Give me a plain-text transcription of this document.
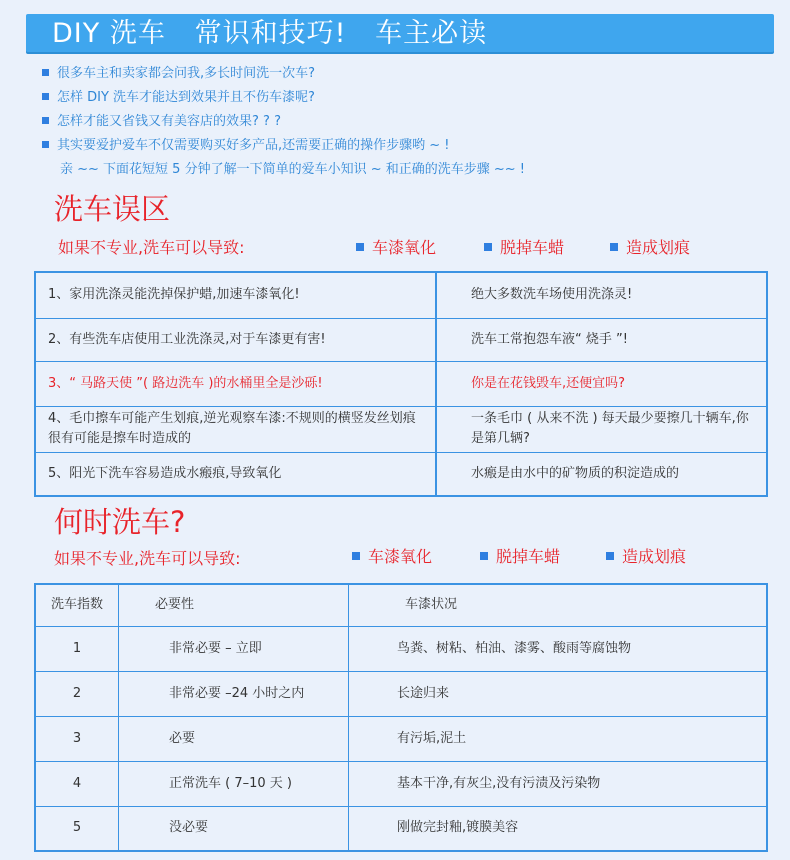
DIY 洗车   常识和技巧!   车主必读
很多车主和卖家都会问我,多长时间洗一次车?
怎样 DIY 洗车才能达到效果并且不伤车漆呢?
怎样才能又省钱又有美容店的效果? ? ?
其实要爱护爱车不仅需要购买好多产品,还需要正确的操作步骤哟 ~ !
亲 ~~ 下面花短短 5 分钟了解一下简单的爱车小知识 ~ 和正确的洗车步骤 ~~ !
洗车误区

如果不专业,洗车可以导致:

	车漆氧化

	脱掉车蜡

	造成划痕

1、家用洗涤灵能洗掉保护蜡,加速车漆氧化!	绝大多数洗车场使用洗涤灵!
2、有些洗车店使用工业洗涤灵,对于车漆更有害!	洗车工常抱怨车液“ 烧手 ”!
3、“ 马路天使 ”( 路边洗车 )的水桶里全是沙砾!	你是在花钱毁车,还便宜吗?
4、毛巾擦车可能产生划痕,逆光观察车漆:不规则的横竖发丝划痕很有可能是擦车时造成的	一条毛巾 ( 从来不洗 ) 每天最少要擦几十辆车,你是第几辆?
5、阳光下洗车容易造成水瘢痕,导致氧化	水瘢是由水中的矿物质的积淀造成的
何时洗车?

如果不专业,洗车可以导致:

	车漆氧化

	脱掉车蜡

	造成划痕

洗车指数	必要性	车漆状况
1	非常必要 – 立即	鸟粪、树粘、柏油、漆雾、酸雨等腐蚀物
2	非常必要 –24 小时之内	长途归来
3	必要	有污垢,泥土
4	正常洗车 ( 7–10 天 )	基本干净,有灰尘,没有污渍及污染物
5	没必要	刚做完封釉,镀膜美容
